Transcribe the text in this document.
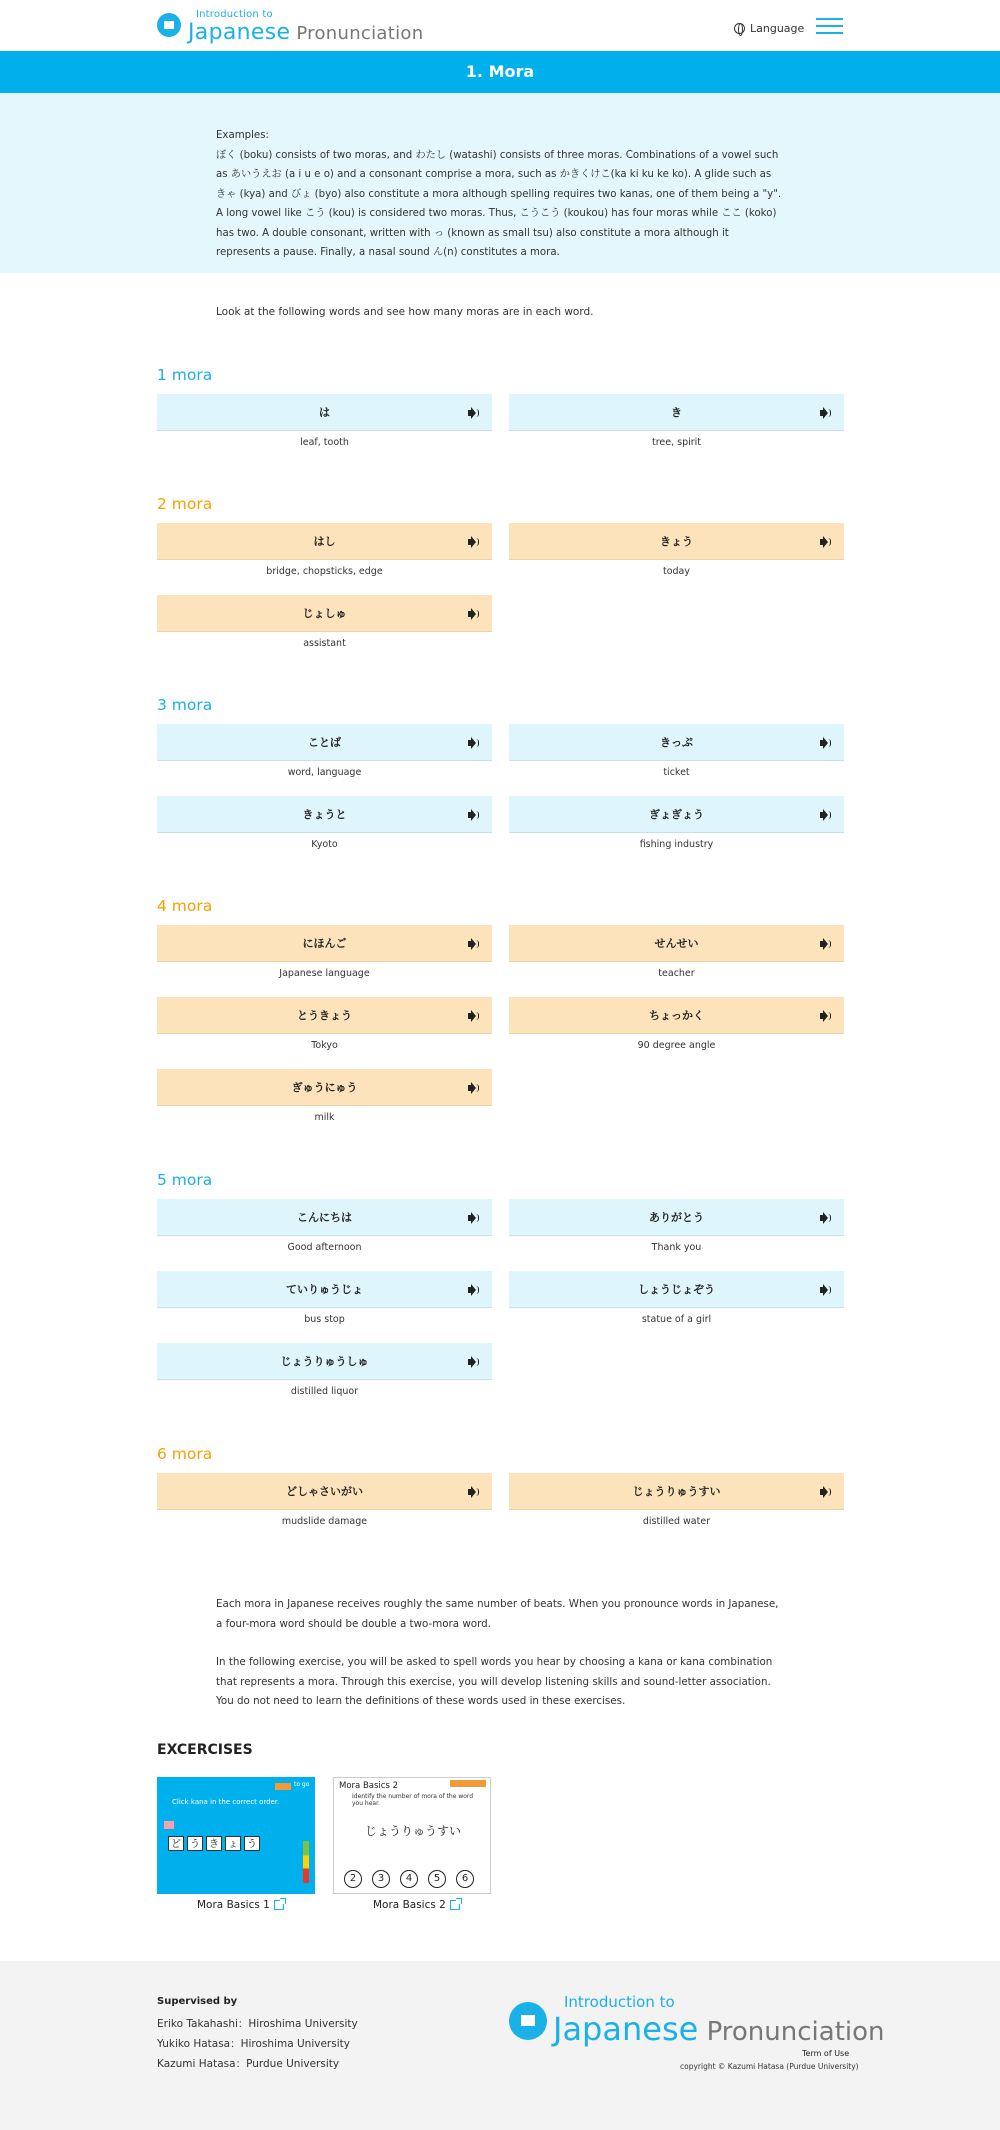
Introduction to
Japanese Pronunciation	Language
1. Mora
Examples:
ぼく (boku) consists of two moras, and わたし (watashi) consists of three moras. Combinations of a vowel such as あいうえお (a i u e o) and a consonant comprise a mora, such as かきくけこ(ka ki ku ke ko). A glide such as きゃ (kya) and びょ (byo) also constitute a mora although spelling requires two kanas, one of them being a "y". A long vowel like こう (kou) is considered two moras. Thus, こうこう (koukou) has four moras while ここ (koko) has two. A double consonant, written with っ (known as small tsu) also constitute a mora although it represents a pause. Finally, a nasal sound ん(n) constitutes a mora.
Look at the following words and see how many moras are in each word.
1 mora
は
leaf, tooth
き
tree, spirit
2 mora
はし
bridge, chopsticks, edge
きょう
today
じょしゅ
assistant
3 mora
ことば
word, language
きっぷ
ticket
きょうと
Kyoto
ぎょぎょう
fishing industry
4 mora
にほんご
Japanese language
せんせい
teacher
とうきょう
Tokyo
ちょっかく
90 degree angle
ぎゅうにゅう
milk
5 mora
こんにちは
Good afternoon
ありがとう
Thank you
ていりゅうじょ
bus stop
しょうじょぞう
statue of a girl
じょうりゅうしゅ
distilled liquor
6 mora
どしゃさいがい
mudslide damage
じょうりゅうすい
distilled water
Each mora in Japanese receives roughly the same number of beats. When you pronounce words in Japanese, a four-mora word should be double a two-mora word.
In the following exercise, you will be asked to spell words you hear by choosing a kana or kana combination that represents a mora. Through this exercise, you will develop listening skills and sound-letter association. You do not need to learn the definitions of these words used in these exercises.
EXCERCISES
to go
Click kana in the correct order.
ど う き ょ う
Mora Basics 1
Mora Basics 2
Identify the number of mora of the word you hear.
じょうりゅうすい
2	3	4	5	6
Mora Basics 2
Supervised by
Eriko Takahashi：Hiroshima University
Yukiko Hatasa：Hiroshima University
Kazumi Hatasa：Purdue University
Introduction to
Japanese Pronunciation
Term of Use
copyright © Kazumi Hatasa (Purdue University)
